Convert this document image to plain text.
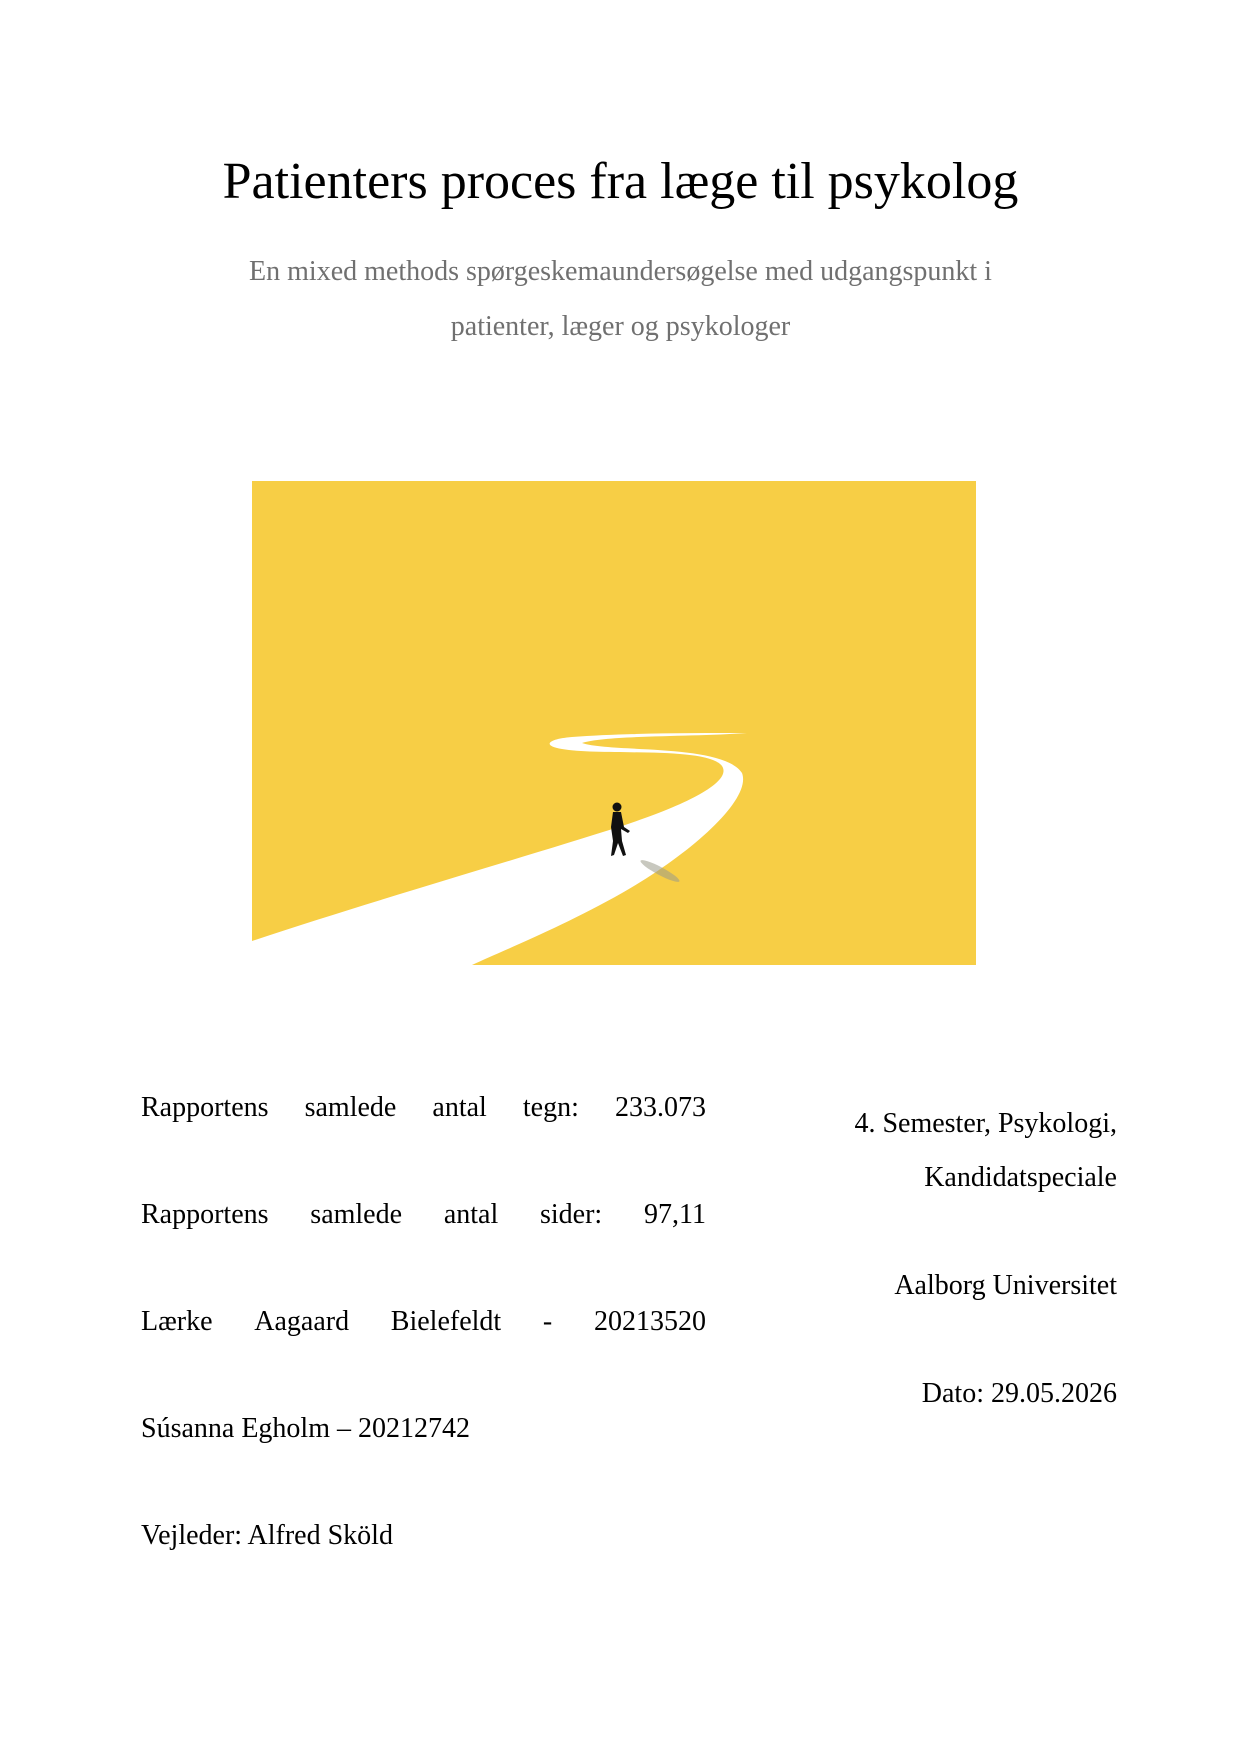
Patienters proces fra læge til psykolog
En mixed methods spørgeskemaundersøgelse med udgangspunkt i
patienter, læger og psykologer
Rapportens samlede antal tegn: 233.073
Rapportens samlede antal sider: 97,11
Lærke Aagaard Bielefeldt - 20213520
Súsanna Egholm – 20212742
Vejleder: Alfred Sköld
4. Semester, Psykologi,
Kandidatspeciale
Aalborg Universitet
Dato: 29.05.2026
